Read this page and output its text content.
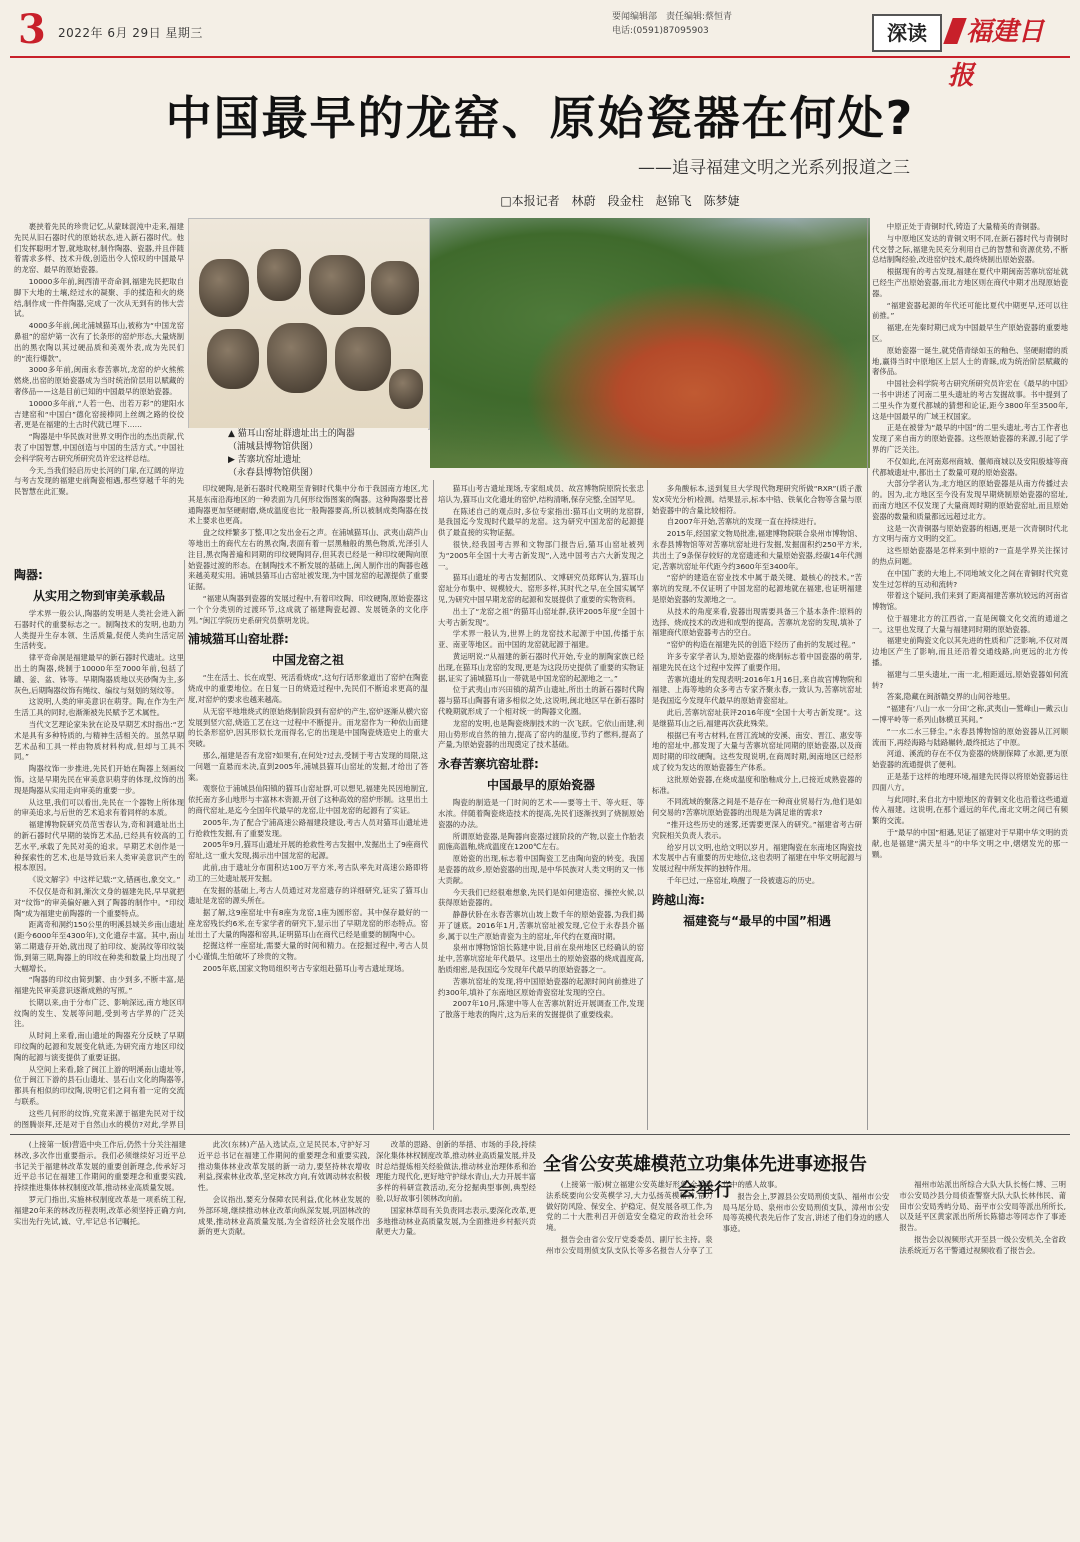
3 2022年 6月 29日 星期三
要闻编辑部　责任编辑:蔡恒青
电话:(0591)87095903	深读	福建日报
中国最早的龙窑、原始瓷器在何处?
——追寻福建文明之光系列报道之三
□本报记者　林蔚　段金柱　赵锦飞　陈梦婕
▲ 猫耳山窑址群遗址出土的陶器
（浦城县博物馆供图）
▶ 苦寨坑窑址遗址
（永春县博物馆供图）

裹挟着先民的珍贵记忆,从蒙昧混沌中走来,福建先民从旧石器时代的原始状态,进入新石器时代。他们发挥聪明才智,就地取材,制作陶器、瓷器,并且伴随着需求多样、技术升级,创造出令人惊叹的中国最早的龙窑、最早的原始瓷器。

10000多年前,闽西清平奇命洞,福建先民把取自脚下大地的土壤,经过水的凝聚、手的揉造和火的烧结,制作成一件件陶器,完成了一次从无到有的伟大尝试。

4000多年前,闽北浦城猫耳山,被称为“中国龙窑鼻祖”的窑炉第一次有了长条形的窑炉形态,大量烧制出的黑衣陶以其过硬品质和美观外表,成为先民们的“流行爆款”。

3000多年前,闽南永春苦寨坑,龙窑的炉火熊熊燃烧,出窑的原始瓷器成为当时统治阶层用以赋藏的奢侈品——这是目前已知的中国最早的原始瓷器。

10000多年前,“人若一色、出若万彩”的建阳水吉建窑和“中国白”德化窑接棒同上丝绸之路的佼佼者,更是在福建的土古时代就已埋下……

“陶器是中华民族对世界文明作出的杰出贡献,代表了中国智慧,中国创造与中国的生活方式。”中国社会科学院考古研究所研究员许宏这样总结。

今天,当我们轻启历史长河的门扉,在辽阔的岸边与考古发现的福建史前陶瓷相遇,那些穿越千年的先民智慧在此汇聚。

陶器:
从实用之物到审美承载品

学术界一般公认,陶器的发明是人类社会进入新石器时代的重要标志之一。制陶技术的发明,也助力人类提升生存本领、生活质量,促使人类向生活定居生活转变。

律平奇命洞是福建最早的新石器时代遗址。这里出土的陶器,烧制于10000年至7000年前,包括了罐、釜、盆、钵等。早期陶器质地以夹砂陶为主,多灰色,后期陶器纹饰有绳纹、编纹与刻划的刻纹等。

这说明,人类的审美意识在萌芽。陶,在作为生产生活工具的同时,也渐渐被先民赋予艺术属性。

当代文艺理论家朱狄在论及早期艺术时指出:“艺术是具有多种特质的,与精神生活相关的。虽然早期艺术品和工具一样由物质材料构成,但却与工具不同。”

陶器纹饰一步推进,先民们开始在陶器上刻画纹饰。这是早期先民在审美意识萌芽的体现,纹饰的出现是陶器从实用走向审美的重要一步。

从这里,我们可以看出,先民在一个器物上所体现的审美追求,与后世的艺术追求有着同样的本质。

福建博物院研究员范雪春认为,奇和洞遗址出土的新石器时代早期的装饰艺术品,已经具有较高的工艺水平,承载了先民对美的追求。早期艺术创作是一种探索性的艺术,也是导致后来人类审美意识产生的根本原因。

《说文解字》中这样记载:“文,错画也,象交文。”

不仅仅是奇和洞,渐次文身的福建先民,早早就把对“纹饰”的审美偏好融入到了陶器的制作中。“印纹陶”成为福建史前陶器的一个重要特点。

距离奇和洞约150公里的明溪县城关乡南山遗址(距今6000年至4300年),文化遗存丰富。其中,南山第二期遗存开始,就出现了拍印纹、旋涡纹等印纹装饰,到第三期,陶器上的印纹在种类和数量上均出现了大幅增长。

“陶器的印纹由简到繁、由少到多,不断丰富,是福建先民审美意识逐渐成熟的写照。”

长期以来,由于分布广泛、影响深远,南方地区印纹陶的发生、发展等问题,受到考古学界的广泛关注。

从时间上来看,南山遗址的陶器充分反映了早期印纹陶的起源和发展变化轨迹,为研究南方地区印纹陶的起源与演变提供了重要证据。

从空间上来看,除了闽江上游的明溪南山遗址等,位于闽江下游的县石山遗址、昙石山文化的陶器等,都具有相似的印纹陶,说明它们之间有着一定的交流与联系。

这些几何形的纹饰,究竟来源于福建先民对于纹的图腾崇拜,还是对于自然山水的模仿?对此,学界目

印纹硬陶,是新石器时代晚期至青铜时代集中分布于我国南方地区,尤其是东南沿海地区的一种表面为几何形纹饰图案的陶器。这种陶器要比普通陶器更加坚硬耐磨,烧成温度也比一般陶器要高,所以被制成类陶器在技术上要求也更高。

盘之纹样繁多丁整,叩之发出金石之声。在浦城猫耳山、武夷山葫芦山等地出土的商代左右的黑衣陶,表面有着一层黑釉般的黑色物质,光泽引人注目,黑衣陶普遍和同期的印纹硬陶同存,但其表已经是一种印纹硬陶向原始瓷器过渡的形态。在制陶技术不断发展的基础上,闽人制作出的陶器也越来越美观实用。浦城县猫耳山古窑址被发现,为中国龙窑的起源提供了重要证据。

“福建从陶器到瓷器的发展过程中,有着印纹陶、印纹硬陶,原始瓷器这一个个分类别的过渡环节,这成就了福建陶瓷起源、发展链条的文化序列。”闽江学院历史系研究员蔡明龙说。

浦城猫耳山窑址群:
中国龙窑之祖

“生在活土、长在成型、死活看烧成”,这句行话形象道出了窑炉在陶瓷烧成中的重要地位。在日复一日的烧造过程中,先民们不断追求更高的温度,对窑炉的要求也越来越高。

从无窑平地堆烧式的原始烧制阶段到有窑炉的产生,窑炉逐渐从横穴窑发展到竖穴窑,烧造工艺在这一过程中不断提升。而龙窑作为一种依山而建的长条形窑炉,因其形似长龙而得名,它的出现是中国陶瓷烧造史上的重大突破。

那么,福建是否有龙窑?如果有,在何处?过去,受制于考古发现的局限,这一问题一直悬而未决,直到2005年,浦城县猫耳山窑址的发掘,才给出了答案。

观察位于浦城县仙阳镇的猫耳山窑址群,可以想见,福建先民因地制宜,依托南方多山地形与丰富林木资源,开创了这种高效的窑炉形制。这里出土的商代窑址,是迄今全国年代最早的龙窑,让中国龙窑的起源有了实证。

2005年,为了配合宁浦高速公路福建段建设,考古人员对猫耳山遗址进行抢救性发掘,有了重要发现。

2005年9月,猫耳山遗址开展的抢救性考古发掘中,发掘出土了9座商代窑址,这一重大发现,揭示出中国龙窑的起源。

此前,由于遗址分布面积达100万平方米,考古队率先对高速公路即将动工的三处遗址展开发掘。

在发掘的基础上,考古人员通过对龙窑遗存的详细研究,证实了猫耳山遗址是龙窑的源头所在。

据了解,这9座窑址中有8座为龙窑,1座为圆形窑。其中保存最好的一座龙窑残长约6米,在专家学者的研究下,显示出了早期龙窑的形态特点。窑址出土了大量的陶器和窑具,证明猫耳山在商代已经是重要的制陶中心。

挖掘这样一座窑址,需要大量的时间和精力。在挖掘过程中,考古人员小心谨慎,生怕破坏了珍贵的文物。

2005年底,国家文物局组织考古专家组赴猫耳山考古遗址现场。

猫耳山考古遗址现场,专家组成员、故宫博物院原院长张忠培认为,猫耳山文化遗址的窑炉,结构清晰,保存完整,全国罕见。

在陈述自己的观点时,多位专家指出:猫耳山文明的龙窑群,是我国迄今发现时代最早的龙窑。这为研究中国龙窑的起源提供了最直接的实物证据。

很快,经我国考古界和文物部门报告后,猫耳山窑址被列为“2005年全国十大考古新发现”,入选中国考古六大新发现之一。

猫耳山遗址的考古发掘团队、文博研究员郑辉认为,猫耳山窑址分布集中、规模较大、窑形多样,其时代之早,在全国实属罕见,为研究中国早期龙窑的起源和发展提供了重要的实物资料。

出土了“龙窑之祖”的猫耳山窑址群,获评2005年度“全国十大考古新发现”。

学术界一般认为,世界上的龙窑技术起源于中国,传播于东亚、南亚等地区。而中国的龙窑就起源于福建。

黄运明说:“从福建的新石器时代开始,专业的制陶家族已经出现,在猫耳山龙窑的发现,更是为这段历史提供了重要的实物证据,证实了浦城猫耳山一带就是中国龙窑的起源地之一。”

位于武夷山市兴田镇的葫芦山遗址,所出土的新石器时代陶器与猫耳山陶器有诸多相似之处,这说明,闽北地区早在新石器时代晚期就形成了一个相对统一的陶器文化圈。

龙窑的发明,也是陶瓷烧制技术的一次飞跃。它依山而建,利用山势形成自然的抽力,提高了窑内的温度,节约了燃料,提高了产量,为原始瓷器的出现奠定了技术基础。

永春苦寨坑窑址群:
中国最早的原始瓷器

陶瓷的制造是一门时间的艺术——要等土干、等火旺、等水浓。伴随着陶瓷烧造技术的提高,先民们逐渐找到了烧制原始瓷器的办法。

所谓原始瓷器,是陶器向瓷器过渡阶段的产物,以瓷土作胎表面施高温釉,烧成温度在1200℃左右。

原始瓷的出现,标志着中国陶瓷工艺由陶向瓷的转变。我国是瓷器的故乡,原始瓷器的出现,是中华民族对人类文明的又一伟大贡献。

今天我们已经很难想象,先民们是如何建造窑、操控火候,以获得原始瓷器的。

静静伏卧在永春苦寨坑山坡上数千年的原始瓷器,为我们揭开了谜底。2016年1月,苦寨坑窑址被发现,它位于永春县介福乡,属于以生产原始青瓷为主的窑址,年代约在夏商时期。

泉州市博物馆馆长陈建中说,目前在泉州地区已经确认的窑址中,苦寨坑窑址年代最早。这里出土的原始瓷器的烧成温度高,胎质细密,是我国迄今发现年代最早的原始瓷器之一。

苦寨坑窑址的发现,将中国原始瓷器的起源时间向前推进了约300年,填补了东南地区原始青瓷窑址发现的空白。

2007年10月,陈建中等人在苦寨坑附近开展调查工作,发现了散落于地表的陶片,这为后来的发掘提供了重要线索。

多角酸标本,送到复旦大学现代物理研究所做“RXR”(质子激发X荧光分析)检测。结果显示,标本中锆、铁氧化合物等含量与原始瓷器中的含量比较相符。

自2007年开始,苦寨坑的发现一直在持续进行。

2015年,经国家文物局批准,福建博物院联合泉州市博物馆、永春县博物馆等对苦寨坑窑址进行发掘,发掘面积约250平方米,共出土了9条保存较好的龙窑遗迹和大量原始瓷器,经碳14年代测定,苦寨坑窑址年代距今约3600年至3400年。

“窑炉的建造在窑业技术中属于最关键、最核心的技术。”苦寨坑的发现,不仅证明了中国龙窑的起源地就在福建,也证明福建是原始瓷器的发源地之一。

从技术的角度来看,瓷器出现需要具备三个基本条件:原料的选择、烧成技术的改进和成型的提高。苦寨坑龙窑的发现,填补了福建商代原始瓷器考古的空白。

“窑炉的构造在福建先民的创造下经历了曲折的发展过程。”

许多专家学者认为,原始瓷器的烧制标志着中国瓷器的萌芽,福建先民在这个过程中发挥了重要作用。

苦寨坑遗址的发现表明:2016年1月16日,来自故宫博物院和福建、上海等地的众多考古专家齐聚永春,一致认为,苦寨坑窑址是我国迄今发现年代最早的原始青瓷窑址。

此后,苦寨坑窑址获评2016年度“全国十大考古新发现”。这是继猫耳山之后,福建再次获此殊荣。

根据已有考古材料,在晋江流域的安溪、南安、晋江、惠安等地的窑址中,都发现了大量与苦寨坑窑址同期的原始瓷器,以及商周时期的印纹硬陶。这些发现说明,在商周时期,闽南地区已经形成了较为发达的原始瓷器生产体系。

这批原始瓷器,在烧成温度和胎釉成分上,已接近成熟瓷器的标准。

不同流域的聚落之间是不是存在一种商业贸易行为,他们是如何交易的?苦寨坑原始瓷器的出现是为满足谁的需求?

“推开这些历史的迷雾,还需要更深入的研究。”福建省考古研究院相关负责人表示。

给岁月以文明,也给文明以岁月。福建陶瓷在东南地区陶瓷技术发展中占有重要的历史地位,这也表明了福建在中华文明起源与发展过程中所发挥的独特作用。

千年已过,一座窑址,唤醒了一段被遗忘的历史。

跨越山海:
福建瓷与“最早的中国”相遇

中原正处于青铜时代,铸造了大量精美的青铜器。

与中原地区发达的青铜文明不同,在新石器时代与青铜时代交替之际,福建先民充分利用自己的智慧和资源优势,不断总结制陶经验,改进窑炉技术,最终烧制出原始瓷器。

根据现有的考古发现,福建在夏代中期闽南苦寨坑窑址就已经生产出原始瓷器,而北方地区则在商代中期才出现原始瓷器。

“福建瓷器起源的年代还可能比夏代中期更早,还可以往前推。”

福建,在先秦时期已成为中国最早生产原始瓷器的重要地区。

原始瓷器一诞生,就凭借青绿如玉的釉色、坚硬耐磨的质地,赢得当时中原地区上层人士的青睐,成为统治阶层赋藏的奢侈品。

中国社会科学院考古研究所研究员许宏在《最早的中国》一书中讲述了河南二里头遗址的考古发掘故事。书中提到了二里头作为夏代都城的猜想和论证,距今3800年至3500年,这是中国最早的广域王权国家。

正是在被誉为“最早的中国”的二里头遗址,考古工作者也发现了来自南方的原始瓷器。这些原始瓷器的来源,引起了学界的广泛关注。

不仅如此,在河南郑州商城、偃师商城以及安阳殷墟等商代都城遗址中,都出土了数量可观的原始瓷器。

大部分学者认为,北方地区的原始瓷器是从南方传播过去的。因为,北方地区至今没有发现早期烧制原始瓷器的窑址,而南方地区不仅发现了大量商周时期的原始瓷窑址,而且原始瓷器的数量和质量都远远超过北方。

这是一次青铜器与原始瓷器的相遇,更是一次青铜时代北方文明与南方文明的交汇。

这些原始瓷器是怎样来到中原的?一直是学界关注探讨的热点问题。

在中国广袤的大地上,不同地域文化之间在青铜时代究竟发生过怎样的互动和流转?

带着这个疑问,我们来到了距离福建苦寨坑较远的河南省博物馆。

位于福建北方的江西省,一直是闽赣文化交流的通道之一。这里也发现了大量与福建同时期的原始瓷器。

福建史前陶瓷文化以其先进的性质和广泛影响,不仅对周边地区产生了影响,而且还沿着交通线路,向更远的北方传播。

福建与二里头遗址,一南一北,相距遥远,原始瓷器如何流转?

答案,隐藏在闽浙赣交界的山间谷地里。

“福建有‘八山一水一分田’之称,武夷山—鹫峰山—戴云山—博平岭等一系列山脉横亘其间。”

“一水二水三驿尘。”永春县博物馆的原始瓷器从江河顺流而下,再经海路与陆路辗转,最终抵达了中原。

河道、溪流的存在不仅为瓷器的烧制保障了水源,更为原始瓷器的流通提供了便利。

正是基于这样的地理环境,福建先民得以将原始瓷器运往四面八方。

与此同时,来自北方中原地区的青铜文化也沿着这些通道传入福建。这说明,在那个遥远的年代,南北文明之间已有频繁的交流。

于“最早的中国”相遇,见证了福建对于早期中华文明的贡献,也是福建“满天星斗”的中华文明之中,熠熠发光的那一颗。

(上接第一版)营造中央工作后,仍然十分关注福建林改,多次作出重要指示。我们必须继续好习近平总书记关于福建林改革发展的重要创新理念,传承好习近平总书记在福建工作期间的重要理念和重要实践,持续推进集体林权制度改革,推动林业高质量发展。

罗元门指出,实施林权制度改革是一项系统工程,福建20年来的林改历程表明,改革必须坚持正确方向,实出先行先试,诚、守,牢记总书记嘱托。

此次(东林)产品入选试点,立足民民本,守护好习近平总书记在福建工作期间的重要理念和重要实践,推动集体林业改革发展的新一动力,要坚持林农增收利益,探索林业改革,坚定林改方向,有效调动林农积极性。

会议指出,要充分保障农民利益,优化林业发展的外部环境,继续推动林业改革向纵深发展,巩固林改的成果,推动林业高质量发展,为全省经济社会发展作出新的更大贡献。

改革的思路、创新的举措、市场的手段,持续深化集体林权制度改革,推动林业高质量发展,并及时总结提炼相关经验做法,推动林业治理体系和治理能力现代化,更好地守护绿水青山,大力开展丰富多样的科研宣教活动,充分挖掘典型事例,典型经验,以好故事引领林改向前。

国家林草局有关负责同志表示,要深化改革,更多地推动林业高质量发展,为全面推进乡村振兴贡献更大力量。

全省公安英雄模范立功集体先进事迹报告会举行

(上接第一版)树立福建公安英雄好形象,全省政法系统要向公安英模学习,大力弘扬英模精神,奋力做好防风险、保安全、护稳定、促发展各项工作,为党的二十大胜利召开创造安全稳定的政治社会环境。

报告会由省公安厅党委委员、副厅长主持。泉州市公安局刑侦支队支队长等多名报告人分享了工作中的感人故事。

报告会上,罗源县公安局刑侦支队、福州市公安局马尾分局、泉州市公安局刑侦支队、漳州市公安局等英模代表先后作了发言,讲述了他们身边的感人事迹。

福州市站派出所综合大队大队长杨仁博、三明市公安局沙县分局侦查警察大队大队长林伟民、莆田市公安局秀屿分局、南平市公安局等派出所所长,以及延平区黄家派出所所长陈德志等同志作了事迹报告。

报告会以视频形式开至县一级公安机关,全省政法系统近万名干警通过视频收看了报告会。
